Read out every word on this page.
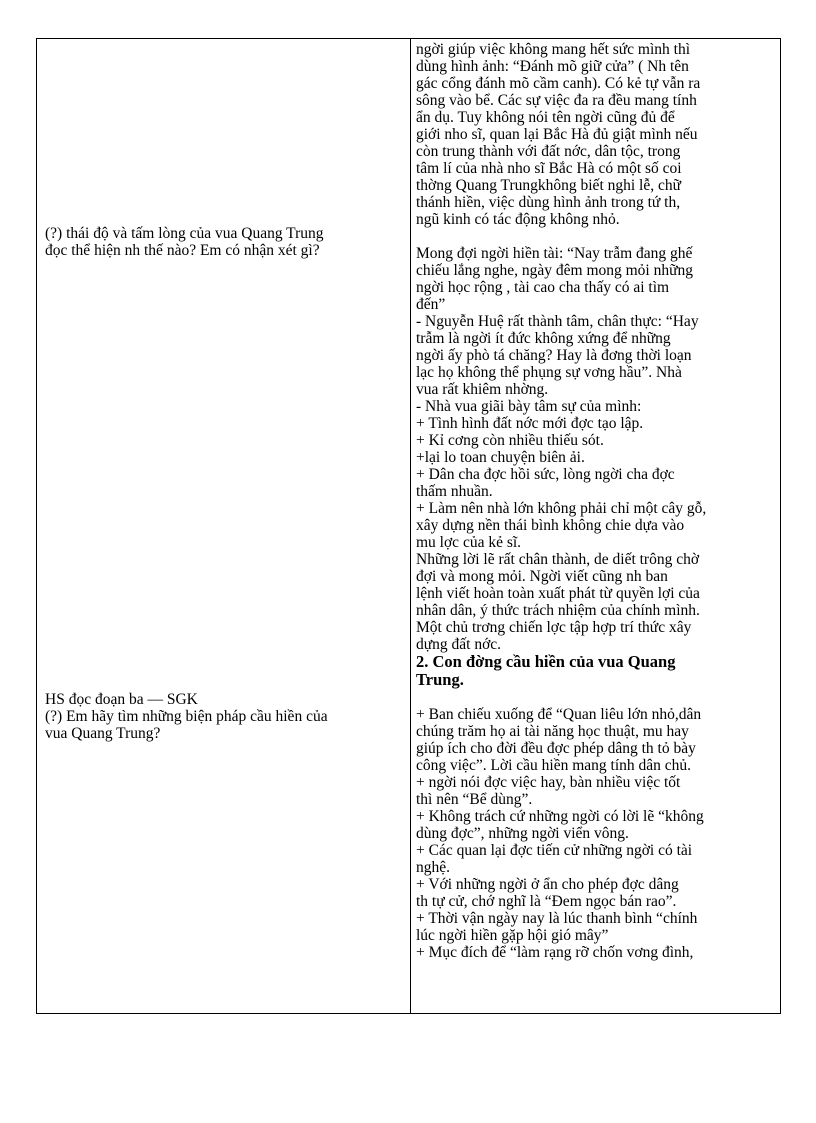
(?) thái độ và tấm lòng của vua Quang Trung
đọc thể hiện nh thế nào? Em có nhận xét gì?
HS đọc đoạn ba — SGK
(?) Em hãy tìm những biện pháp cầu hiền của
vua Quang Trung?

ngời giúp việc không mang hết sức mình thì

dùng hình ảnh: “Đánh mõ giữ cửa” ( Nh tên

gác cổng đánh mõ cầm canh). Có kẻ tự vẫn ra

sông vào bể. Các sự việc đa ra đều mang tính

ẩn dụ. Tuy không nói tên ngời cũng đủ để

giới nho sĩ, quan lại Bắc Hà đủ giật mình nếu

còn trung thành với đất nớc, dân tộc, trong

tâm lí của nhà nho sĩ Bắc Hà có một số coi

thờng Quang Trungkhông biết nghi lễ, chữ

thánh hiền, việc dùng hình ảnh trong tứ th,

ngũ kinh có tác động không nhỏ.

Mong đợi ngời hiền tài: “Nay trẫm đang ghế

chiếu lắng nghe, ngày đêm mong mỏi những

ngời học rộng , tài cao cha thấy có ai tìm

đến”

- Nguyễn Huệ rất thành tâm, chân thực: “Hay

trẫm là ngời ít đức không xứng để những

ngời ấy phò tá chăng? Hay là đơng thời loạn

lạc họ không thể phụng sự vơng hầu”. Nhà

vua rất khiêm nhờng.

- Nhà vua giãi bày tâm sự của mình:

+ Tình hình đất nớc mới đợc tạo lập.

+ Kỉ cơng còn nhiều thiếu sót.

+lại lo toan chuyện biên ải.

+ Dân cha đợc hồi sức, lòng ngời cha đợc

thấm nhuần.

+ Làm nên nhà lớn không phải chỉ một cây gỗ,

xây dựng nền thái bình không chie dựa vào

mu lợc của kẻ sĩ.

Những lời lẽ rất chân thành, de diết trông chờ

đợi và mong mỏi. Ngời viết cũng nh ban

lệnh viết hoàn toàn xuất phát từ quyền lợi của

nhân dân, ý thức trách nhiệm của chính mình.

Một chủ trơng chiến lợc tập hợp trí thức xây

dựng đất nớc.

2. Con đờng cầu hiền của vua Quang

Trung.

+ Ban chiếu xuống để “Quan liêu lớn nhỏ,dân

chúng trăm họ ai tài năng học thuật, mu hay

giúp ích cho đời đều đợc phép dâng th tỏ bày

công việc”. Lời cầu hiền mang tính dân chủ.

+ ngời nói đợc việc hay, bàn nhiều việc tốt

thì nên “Bể dùng”.

+ Không trách cứ những ngời có lời lẽ “không

dùng đợc”, những ngời viển vông.

+ Các quan lại đợc tiến cử những ngời có tài

nghệ.

+ Với những ngời ở ẩn cho phép đợc dâng

th tự cử, chớ nghĩ là “Đem ngọc bán rao”.

+ Thời vận ngày nay là lúc thanh bình “chính

lúc ngời hiền gặp hội gió mây”

+ Mục đích để “làm rạng rỡ chốn vơng đình,
